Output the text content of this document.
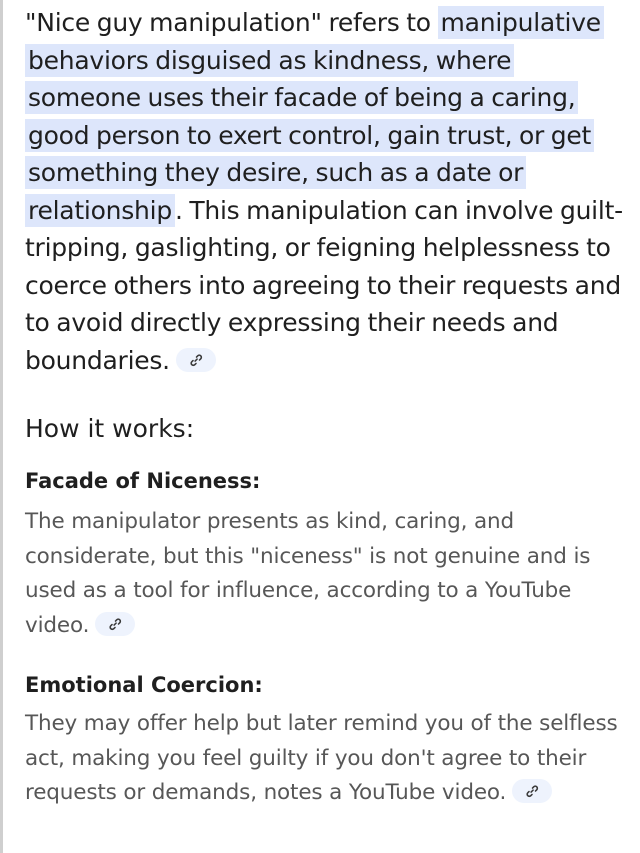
"Nice guy manipulation" refers to manipulative behaviors disguised as kindness, where someone uses their facade of being a caring, good person to exert control, gain trust, or get something they desire, such as a date or relationship . This manipulation can involve guilt-tripping, gaslighting, or feigning helplessness to coerce others into agreeing to their requests and to avoid directly expressing their needs and boundaries.

How it works:
Facade of Niceness:

The manipulator presents as kind, caring, and considerate, but this "niceness" is not genuine and is used as a tool for influence, according to a YouTube video.

Emotional Coercion:

They may offer help but later remind you of the selfless act, making you feel guilty if you don't agree to their requests or demands, notes a YouTube video.
